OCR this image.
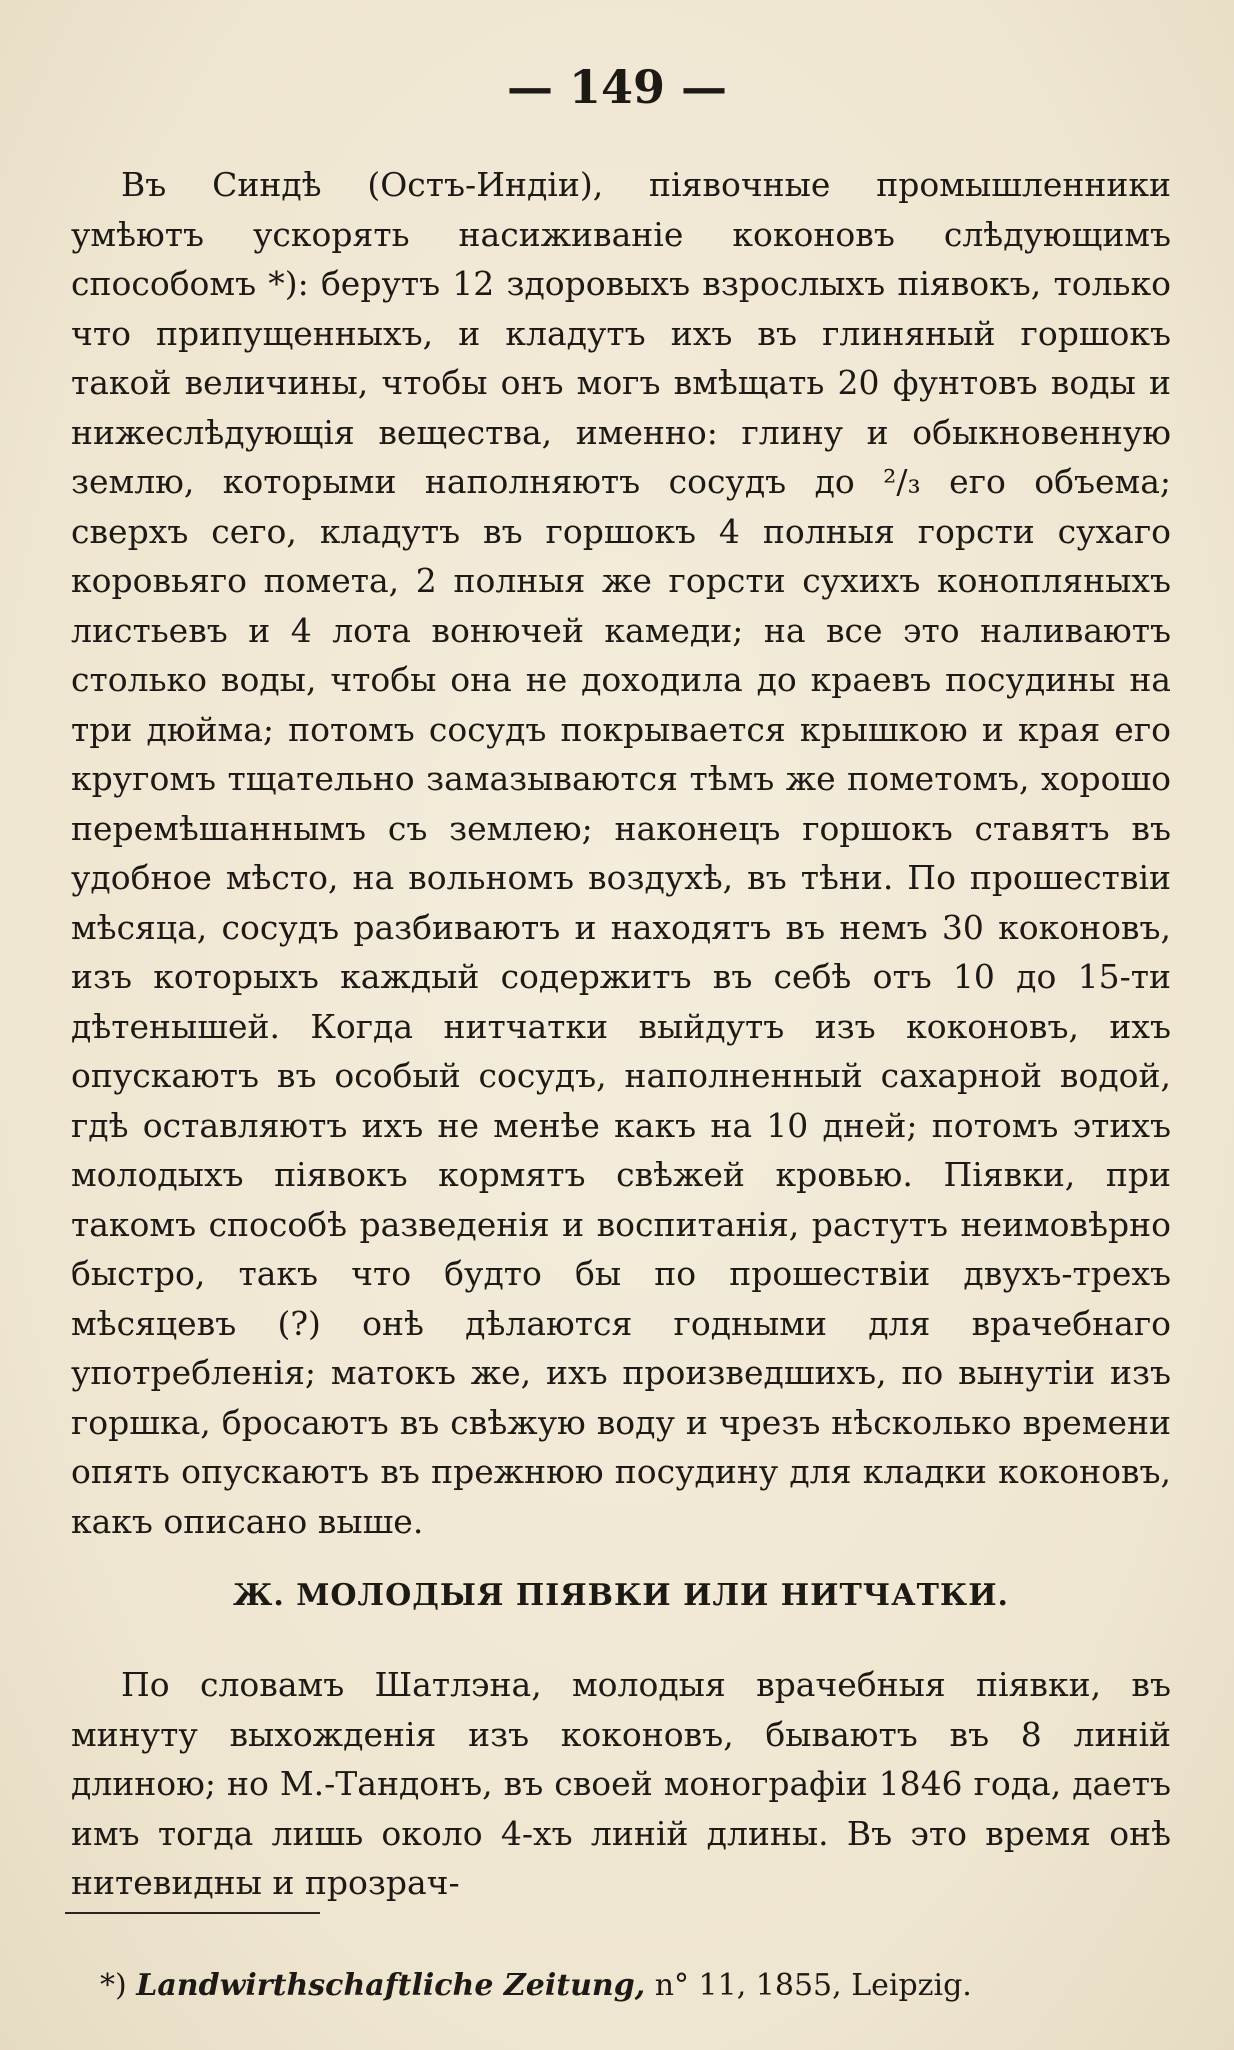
— 149 —

Въ Синдѣ (Остъ-Индіи), піявочные промышленники умѣютъ ускорять насиживаніе коконовъ слѣдующимъ способомъ *): берутъ 12 здоровыхъ взрослыхъ піявокъ, только что припущенныхъ, и кладутъ ихъ въ глиняный горшокъ такой величины, чтобы онъ могъ вмѣщать 20 фунтовъ воды и нижеслѣдующія вещества, именно: глину и обыкновенную землю, которыми наполняютъ сосудъ до ²/₃ его объема; сверхъ сего, кладутъ въ горшокъ 4 полныя горсти сухаго коровьяго помета, 2 полныя же горсти сухихъ конопляныхъ листьевъ и 4 лота вонючей камеди; на все это наливаютъ столько воды, чтобы она не доходила до краевъ посудины на три дюйма; потомъ сосудъ покрывается крышкою и края его кругомъ тщательно замазываются тѣмъ же пометомъ, хорошо перемѣшаннымъ съ землею; наконецъ горшокъ ставятъ въ удобное мѣсто, на вольномъ воздухѣ, въ тѣни. По прошествіи мѣсяца, сосудъ разбиваютъ и находятъ въ немъ 30 коконовъ, изъ которыхъ каждый содержитъ въ себѣ отъ 10 до 15-ти дѣтенышей. Когда нитчатки выйдутъ изъ коконовъ, ихъ опускаютъ въ особый сосудъ, наполненный сахарной водой, гдѣ оставляютъ ихъ не менѣе какъ на 10 дней; потомъ этихъ молодыхъ піявокъ кормятъ свѣжей кровью. Піявки, при такомъ способѣ разведенія и воспитанія, растутъ неимовѣрно быстро, такъ что будто бы по прошествіи двухъ-трехъ мѣсяцевъ (?) онѣ дѣлаются годными для врачебнаго употребленія; матокъ же, ихъ произведшихъ, по вынутіи изъ горшка, бросаютъ въ свѣжую воду и чрезъ нѣсколько времени опять опускаютъ въ прежнюю посудину для кладки коконовъ, какъ описано выше.

Ж. МОЛОДЫЯ ПІЯВКИ ИЛИ НИТЧАТКИ.

По словамъ Шатлэна, молодыя врачебныя піявки, въ минуту выхожденія изъ коконовъ, бываютъ въ 8 линій длиною; но М.-Тандонъ, въ своей монографіи 1846 года, даетъ имъ тогда лишь около 4-хъ линій длины. Въ это время онѣ нитевидны и прозрач-

*) Landwirthschaftliche Zeitung, n° 11, 1855, Leipzig.
